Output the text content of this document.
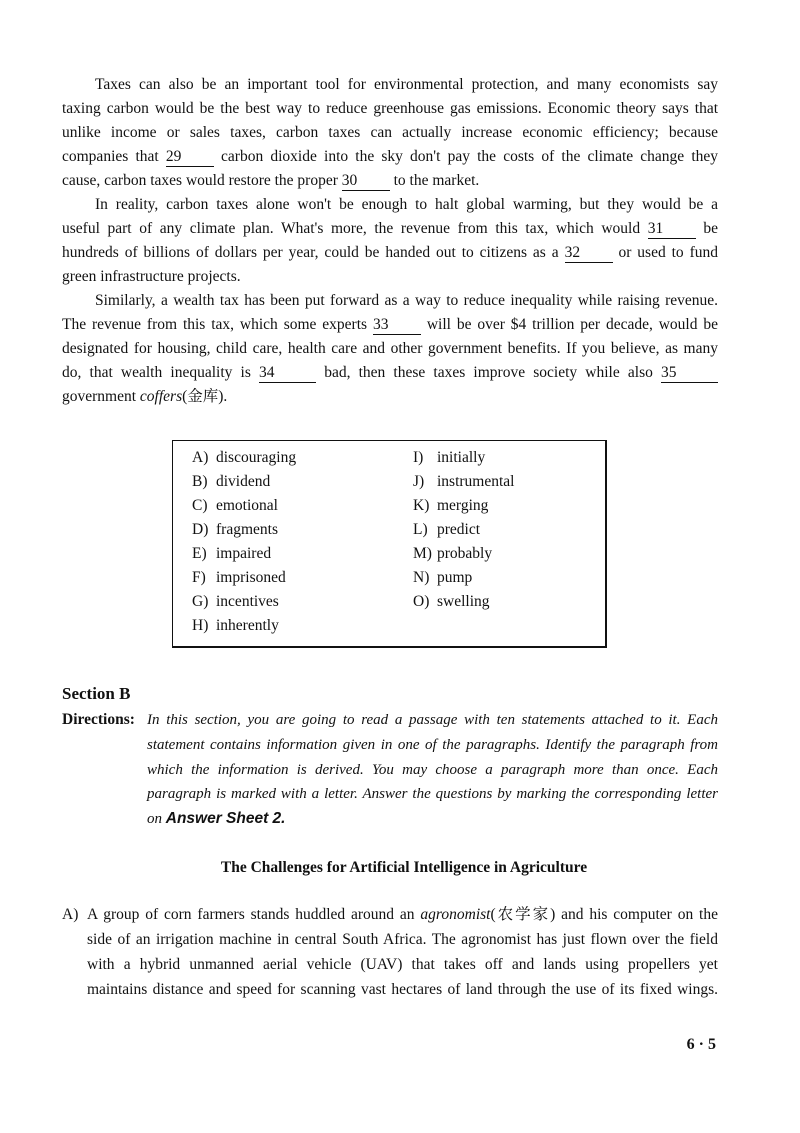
Taxes can also be an important tool for environmental protection, and many economists say
taxing carbon would be the best way to reduce greenhouse gas emissions. Economic theory says that
unlike income or sales taxes, carbon taxes can actually increase economic efficiency; because
companies that 29	carbon dioxide into the sky don't pay the costs of the climate change they
cause, carbon taxes would restore the proper 30 to the market.
In reality, carbon taxes alone won't be enough to halt global warming, but they would be a
useful part of any climate plan. What's more, the revenue from this tax, which would 31	be
hundreds of billions of dollars per year, could be handed out to citizens as a 32 or used to fund
green infrastructure projects.
Similarly, a wealth tax has been put forward as a way to reduce inequality while raising revenue.
The revenue from this tax, which some experts 33 will be over $4 trillion per decade, would be
designated for housing, child care, health care and other government benefits. If you believe, as many
do, that wealth inequality is 34	bad, then these taxes improve society while also 35
government coffers(金库).
A) discouraging
B) dividend
C) emotional
D) fragments
E) impaired
F) imprisoned
G) incentives
H) inherently
I) initially
J) instrumental
K) merging
L) predict
M) probably
N) pump
O) swelling
Section B
Directions: In this section, you are going to read a passage with ten statements attached to it. Each
statement contains information given in one of the paragraphs. Identify the paragraph from
which the information is derived. You may choose a paragraph more than once. Each
paragraph is marked with a letter. Answer the questions by marking the corresponding letter
on Answer Sheet 2.
The Challenges for Artificial Intelligence in Agriculture
A) A group of corn farmers stands huddled around an agronomist(农学家) and his computer on the
side of an irrigation machine in central South Africa. The agronomist has just flown over the field
with a hybrid unmanned aerial vehicle (UAV) that takes off and lands using propellers yet
maintains distance and speed for scanning vast hectares of land through the use of its fixed wings.
6 · 5
